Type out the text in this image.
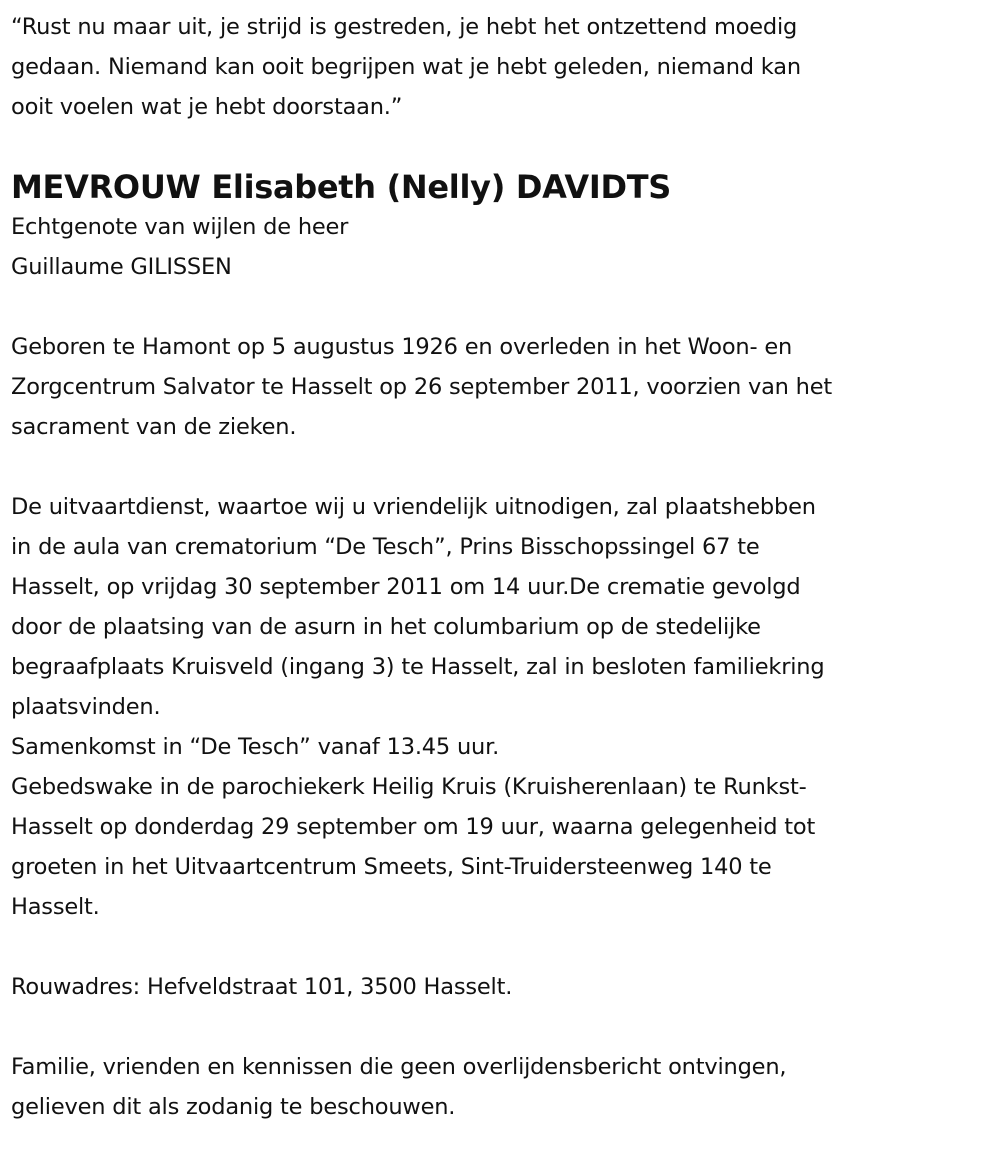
“Rust nu maar uit, je strijd is gestreden, je hebt het ontzettend moedig
gedaan. Niemand kan ooit begrijpen wat je hebt geleden, niemand kan
ooit voelen wat je hebt doorstaan.”
MEVROUW Elisabeth (Nelly) DAVIDTS
Echtgenote van wijlen de heer
Guillaume GILISSEN
Geboren te Hamont op 5 augustus 1926 en overleden in het Woon- en
Zorgcentrum Salvator te Hasselt op 26 september 2011, voorzien van het
sacrament van de zieken.
De uitvaartdienst, waartoe wij u vriendelijk uitnodigen, zal plaatshebben
in de aula van crematorium “De Tesch”, Prins Bisschopssingel 67 te
Hasselt, op vrijdag 30 september 2011 om 14 uur.De crematie gevolgd
door de plaatsing van de asurn in het columbarium op de stedelijke
begraafplaats Kruisveld (ingang 3) te Hasselt, zal in besloten familiekring
plaatsvinden.
Samenkomst in “De Tesch” vanaf 13.45 uur.
Gebedswake in de parochiekerk Heilig Kruis (Kruisherenlaan) te Runkst-
Hasselt op donderdag 29 september om 19 uur, waarna gelegenheid tot
groeten in het Uitvaartcentrum Smeets, Sint-Truidersteenweg 140 te
Hasselt.
Rouwadres: Hefveldstraat 101, 3500 Hasselt.
Familie, vrienden en kennissen die geen overlijdensbericht ontvingen,
gelieven dit als zodanig te beschouwen.
